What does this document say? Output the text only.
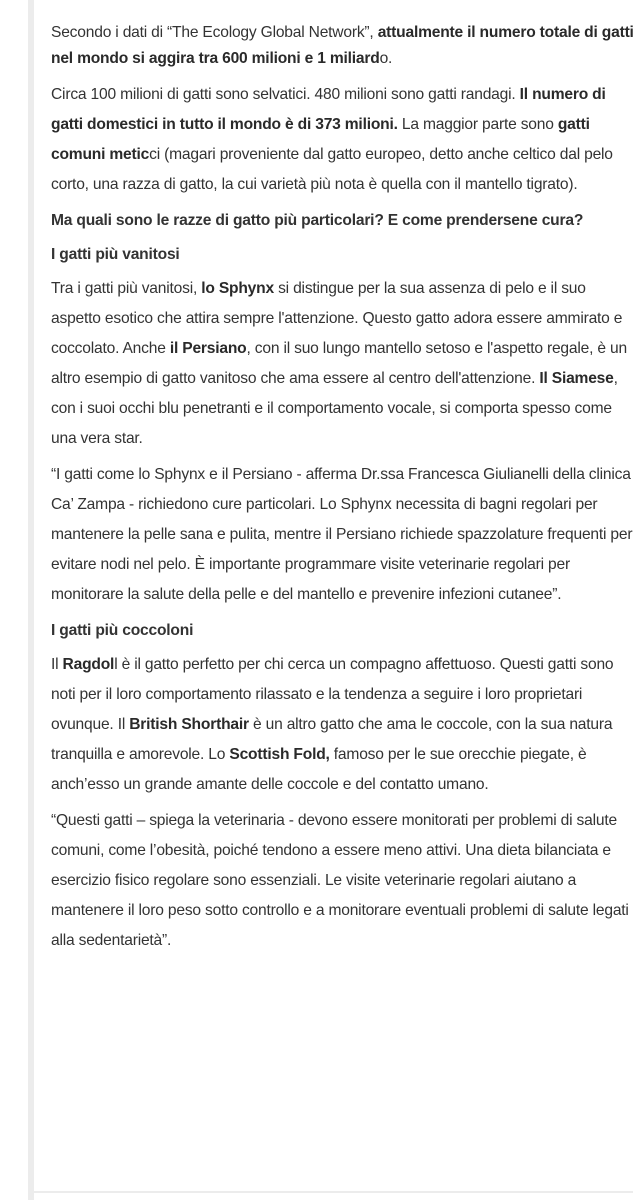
Secondo i dati di “The Ecology Global Network”, attualmente il numero totale di gatti nel mondo si aggira tra 600 milioni e 1 miliardo.

Circa 100 milioni di gatti sono selvatici. 480 milioni sono gatti randagi. Il numero di gatti domestici in tutto il mondo è di 373 milioni. La maggior parte sono gatti comuni meticci (magari proveniente dal gatto europeo, detto anche celtico dal pelo corto, una razza di gatto, la cui varietà più nota è quella con il mantello tigrato).

Ma quali sono le razze di gatto più particolari? E come prendersene cura?

I gatti più vanitosi

Tra i gatti più vanitosi, lo Sphynx si distingue per la sua assenza di pelo e il suo aspetto esotico che attira sempre l'attenzione. Questo gatto adora essere ammirato e coccolato. Anche il Persiano, con il suo lungo mantello setoso e l'aspetto regale, è un altro esempio di gatto vanitoso che ama essere al centro dell'attenzione. Il Siamese, con i suoi occhi blu penetranti e il comportamento vocale, si comporta spesso come una vera star.

“I gatti come lo Sphynx e il Persiano - afferma Dr.ssa Francesca Giulianelli della clinica Ca’ Zampa - richiedono cure particolari. Lo Sphynx necessita di bagni regolari per mantenere la pelle sana e pulita, mentre il Persiano richiede spazzolature frequenti per evitare nodi nel pelo. È importante programmare visite veterinarie regolari per monitorare la salute della pelle e del mantello e prevenire infezioni cutanee”.

I gatti più coccoloni

Il Ragdoll è il gatto perfetto per chi cerca un compagno affettuoso. Questi gatti sono noti per il loro comportamento rilassato e la tendenza a seguire i loro proprietari ovunque. Il British Shorthair è un altro gatto che ama le coccole, con la sua natura tranquilla e amorevole. Lo Scottish Fold, famoso per le sue orecchie piegate, è anch’esso un grande amante delle coccole e del contatto umano.

“Questi gatti – spiega la veterinaria - devono essere monitorati per problemi di salute comuni, come l’obesità, poiché tendono a essere meno attivi. Una dieta bilanciata e esercizio fisico regolare sono essenziali. Le visite veterinarie regolari aiutano a mantenere il loro peso sotto controllo e a monitorare eventuali problemi di salute legati alla sedentarietà”.
